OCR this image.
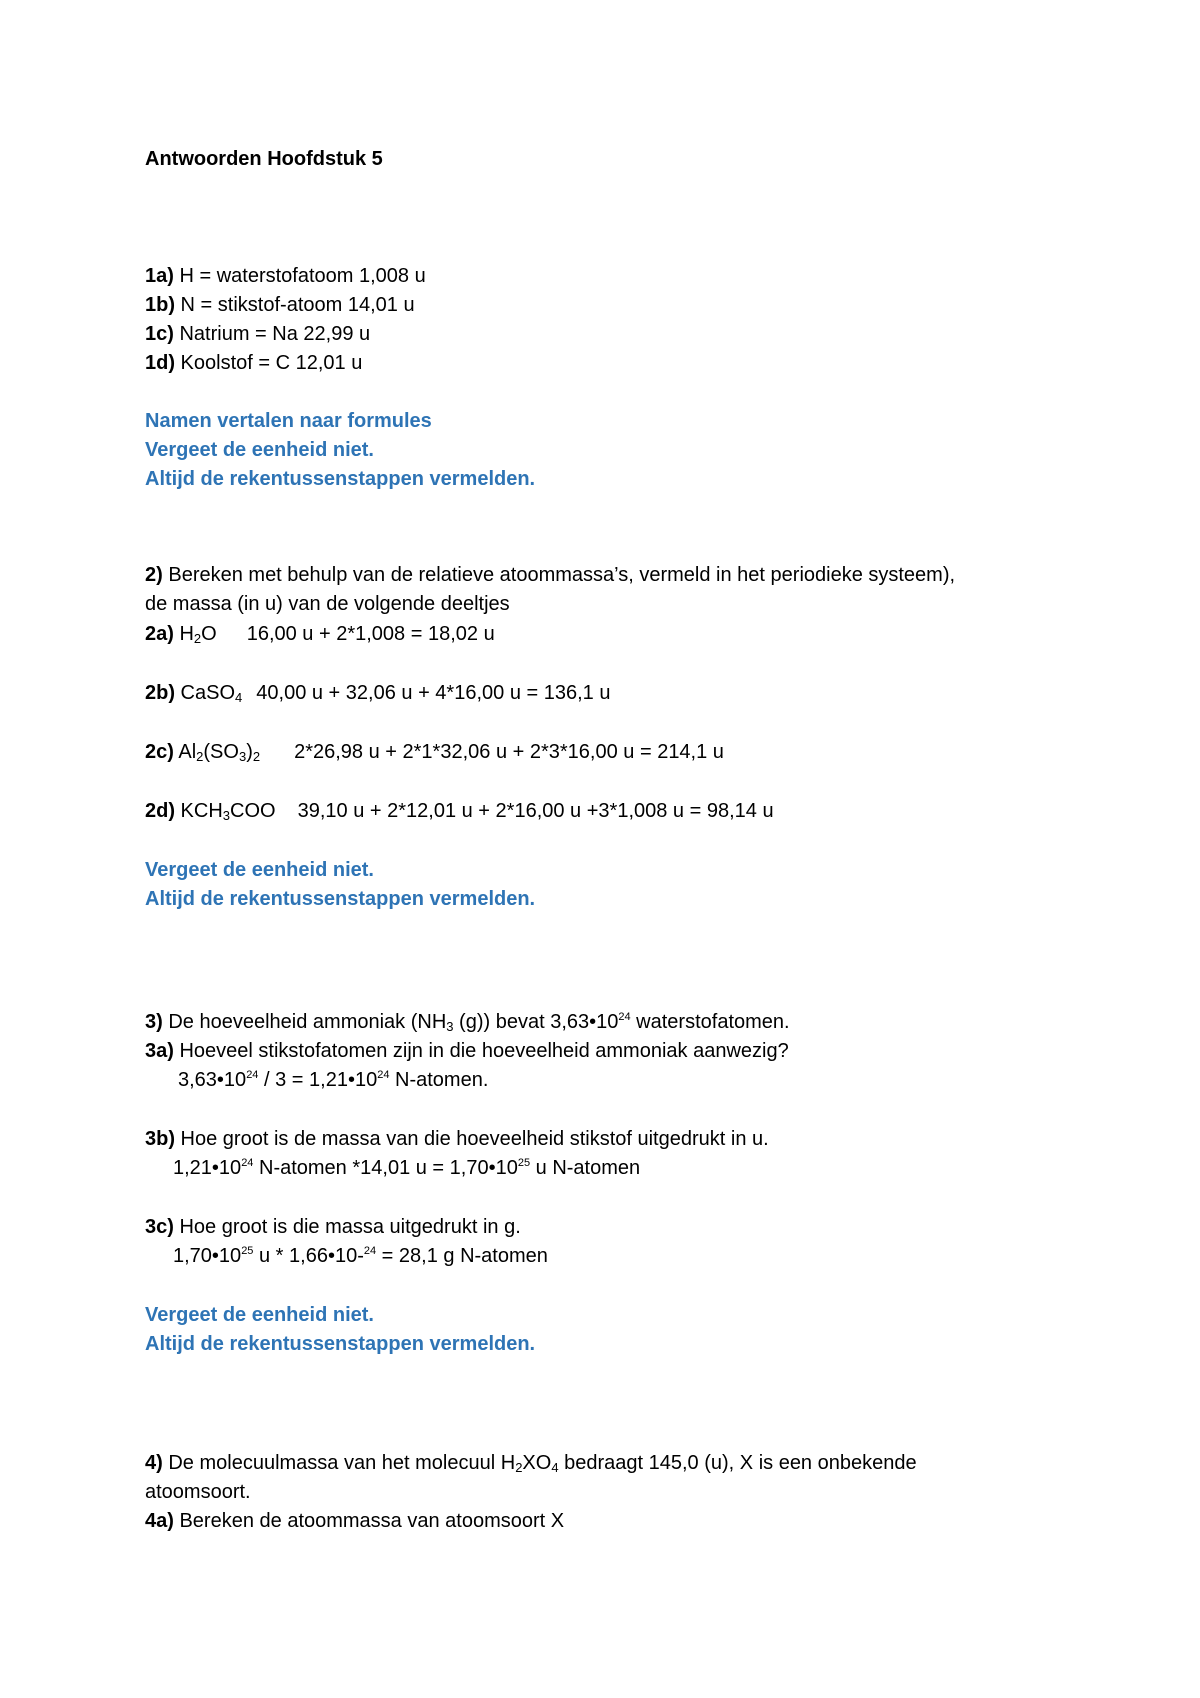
Antwoorden Hoofdstuk 5
1a) H = waterstofatoom 1,008 u
1b) N = stikstof-atoom 14,01 u
1c) Natrium = Na 22,99 u
1d) Koolstof = C 12,01 u
Namen vertalen naar formules
Vergeet de eenheid niet.
Altijd de rekentussenstappen vermelden.
2) Bereken met behulp van de relatieve atoommassa’s, vermeld in het periodieke systeem),
de massa (in u) van de volgende deeltjes
2a) $H_2O$ 16,00 u + 2*1,008 = 18,02 u
2b) CaSO$_4$ 40,00 u + 32,06 u + 4*16,00 u = 136,1 u
2c) $Al_2(SO_3)_2$ 2*26,98 u + 2*1*32,06 u + 2*3*16,00 u = 214,1 u
2d) $KCH_3COO$ 39,10 u + 2*12,01 u + 2*16,00 u +3*1,008 u = 98,14 u
Vergeet de eenheid niet.
Altijd de rekentussenstappen vermelden.
3) De hoeveelheid ammoniak ($NH_3$ (g)) bevat $3,63•10^{24}$ waterstofatomen.
3a) Hoeveel stikstofatomen zijn in die hoeveelheid ammoniak aanwezig?
$3,63•10^{24} / 3$ = $1,21•10^{24}$ N-atomen.
3b) Hoe groot is de massa van die hoeveelheid stikstof uitgedrukt in u.
$1,21•10^{24}$ N-atomen *14,01 $u = 1,70•10^{25}$ u N-atomen
3c) Hoe groot is die massa uitgedrukt in g.
$1,70•10^{25}$ u * 1,66•10-$^{24}$ = 28,1 g N-atomen
Vergeet de eenheid niet.
Altijd de rekentussenstappen vermelden.
4) De molecuulmassa van het molecuul $H_2XO_4$ bedraagt 145,0 (u), X is een onbekende
atoomsoort.
4a) Bereken de atoommassa van atoomsoort X
